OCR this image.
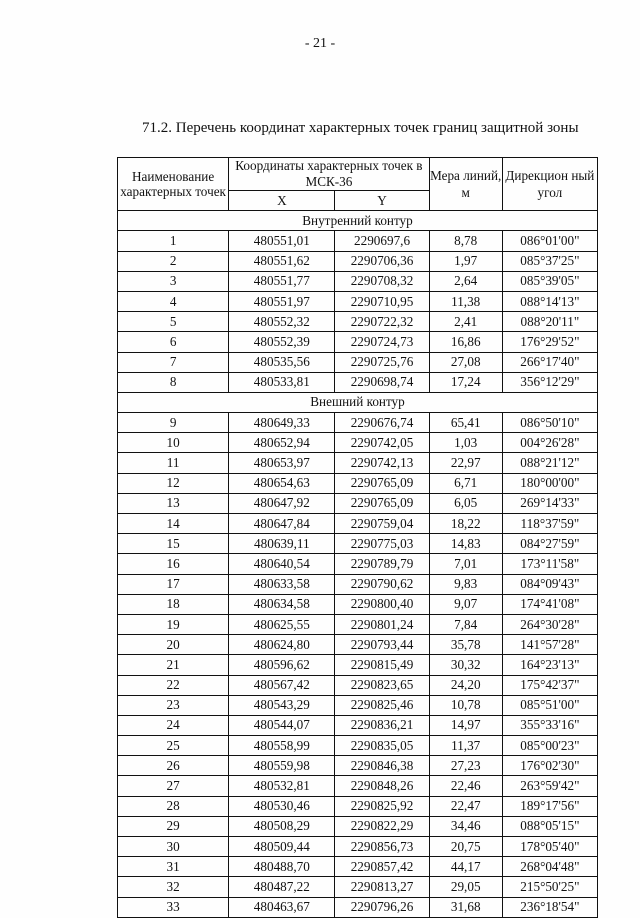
- 21 -
71.2. Перечень координат характерных точек границ защитной зоны
Наименование характерных точек	Координаты характерных точек в МСК-36		Мера линий, м	Дирекцион ный угол
	X	Y		
Внутренний контур				
1	480551,01	2290697,6	8,78	086°01'00"
2	480551,62	2290706,36	1,97	085°37'25"
3	480551,77	2290708,32	2,64	085°39'05"
4	480551,97	2290710,95	11,38	088°14'13"
5	480552,32	2290722,32	2,41	088°20'11"
6	480552,39	2290724,73	16,86	176°29'52"
7	480535,56	2290725,76	27,08	266°17'40"
8	480533,81	2290698,74	17,24	356°12'29"
Внешний контур				
9	480649,33	2290676,74	65,41	086°50'10"
10	480652,94	2290742,05	1,03	004°26'28"
11	480653,97	2290742,13	22,97	088°21'12"
12	480654,63	2290765,09	6,71	180°00'00"
13	480647,92	2290765,09	6,05	269°14'33"
14	480647,84	2290759,04	18,22	118°37'59"
15	480639,11	2290775,03	14,83	084°27'59"
16	480640,54	2290789,79	7,01	173°11'58"
17	480633,58	2290790,62	9,83	084°09'43"
18	480634,58	2290800,40	9,07	174°41'08"
19	480625,55	2290801,24	7,84	264°30'28"
20	480624,80	2290793,44	35,78	141°57'28"
21	480596,62	2290815,49	30,32	164°23'13"
22	480567,42	2290823,65	24,20	175°42'37"
23	480543,29	2290825,46	10,78	085°51'00"
24	480544,07	2290836,21	14,97	355°33'16"
25	480558,99	2290835,05	11,37	085°00'23"
26	480559,98	2290846,38	27,23	176°02'30"
27	480532,81	2290848,26	22,46	263°59'42"
28	480530,46	2290825,92	22,47	189°17'56"
29	480508,29	2290822,29	34,46	088°05'15"
30	480509,44	2290856,73	20,75	178°05'40"
31	480488,70	2290857,42	44,17	268°04'48"
32	480487,22	2290813,27	29,05	215°50'25"
33	480463,67	2290796,26	31,68	236°18'54"
